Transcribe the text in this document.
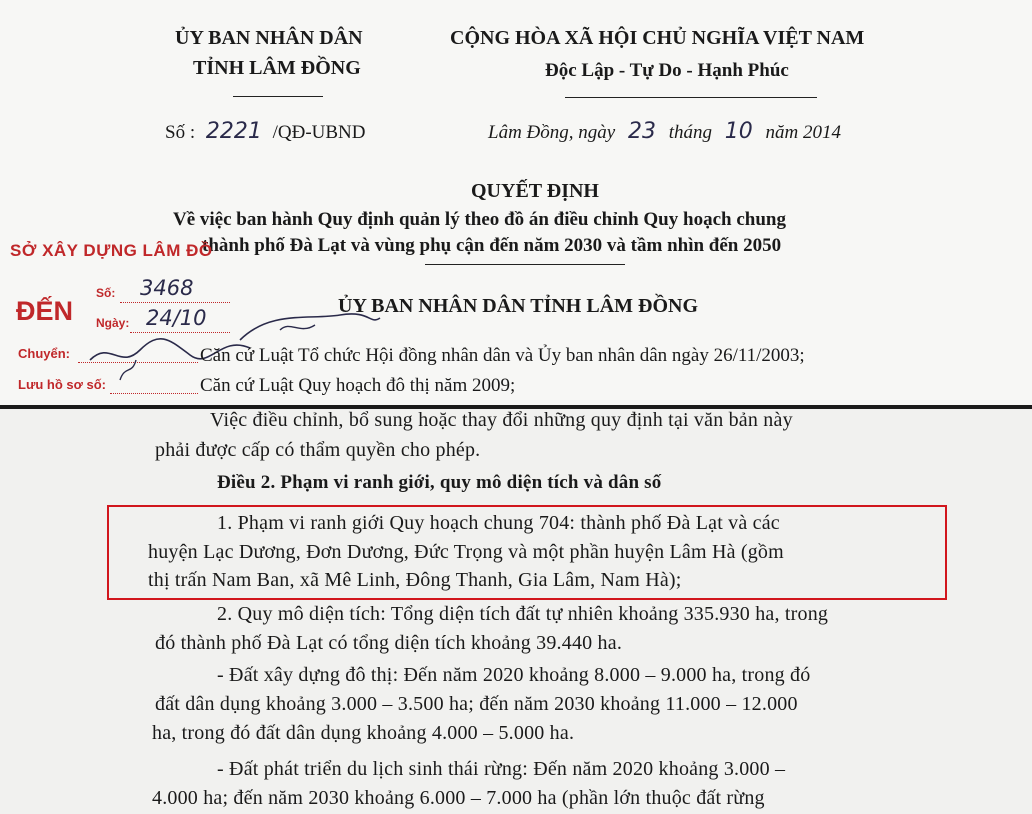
ỦY BAN NHÂN DÂN
TỈNH LÂM ĐỒNG
CỘNG HÒA XÃ HỘI CHỦ NGHĨA VIỆT NAM
Độc Lập - Tự Do - Hạnh Phúc
Số : 2221 /QĐ-UBND	Lâm Đồng, ngày 23 tháng 10 năm 2014
QUYẾT ĐỊNH
Về việc ban hành Quy định quản lý theo đồ án điều chỉnh Quy hoạch chung
thành phố Đà Lạt và vùng phụ cận đến năm 2030 và tầm nhìn đến 2050
ỦY BAN NHÂN DÂN TỈNH LÂM ĐỒNG
SỞ XÂY DỰNG LÂM ĐỒ
ĐẾN
Số: 3468
Ngày: 24/10
Chuyển:
Lưu hồ sơ số:
Căn cứ Luật Tổ chức Hội đồng nhân dân và Ủy ban nhân dân ngày 26/11/2003;
Căn cứ Luật Quy hoạch đô thị năm 2009;
Việc điều chỉnh, bổ sung hoặc thay đổi những quy định tại văn bản này
phải được cấp có thẩm quyền cho phép.
Điều 2. Phạm vi ranh giới, quy mô diện tích và dân số
1. Phạm vi ranh giới Quy hoạch chung 704: thành phố Đà Lạt và các
huyện Lạc Dương, Đơn Dương, Đức Trọng và một phần huyện Lâm Hà (gồm
thị trấn Nam Ban, xã Mê Linh, Đông Thanh, Gia Lâm, Nam Hà);
2. Quy mô diện tích: Tổng diện tích đất tự nhiên khoảng 335.930 ha, trong
đó thành phố Đà Lạt có tổng diện tích khoảng 39.440 ha.
- Đất xây dựng đô thị: Đến năm 2020 khoảng 8.000 – 9.000 ha, trong đó
đất dân dụng khoảng 3.000 – 3.500 ha; đến năm 2030 khoảng 11.000 – 12.000
ha, trong đó đất dân dụng khoảng 4.000 – 5.000 ha.
- Đất phát triển du lịch sinh thái rừng: Đến năm 2020 khoảng 3.000 –
4.000 ha; đến năm 2030 khoảng 6.000 – 7.000 ha (phần lớn thuộc đất rừng
